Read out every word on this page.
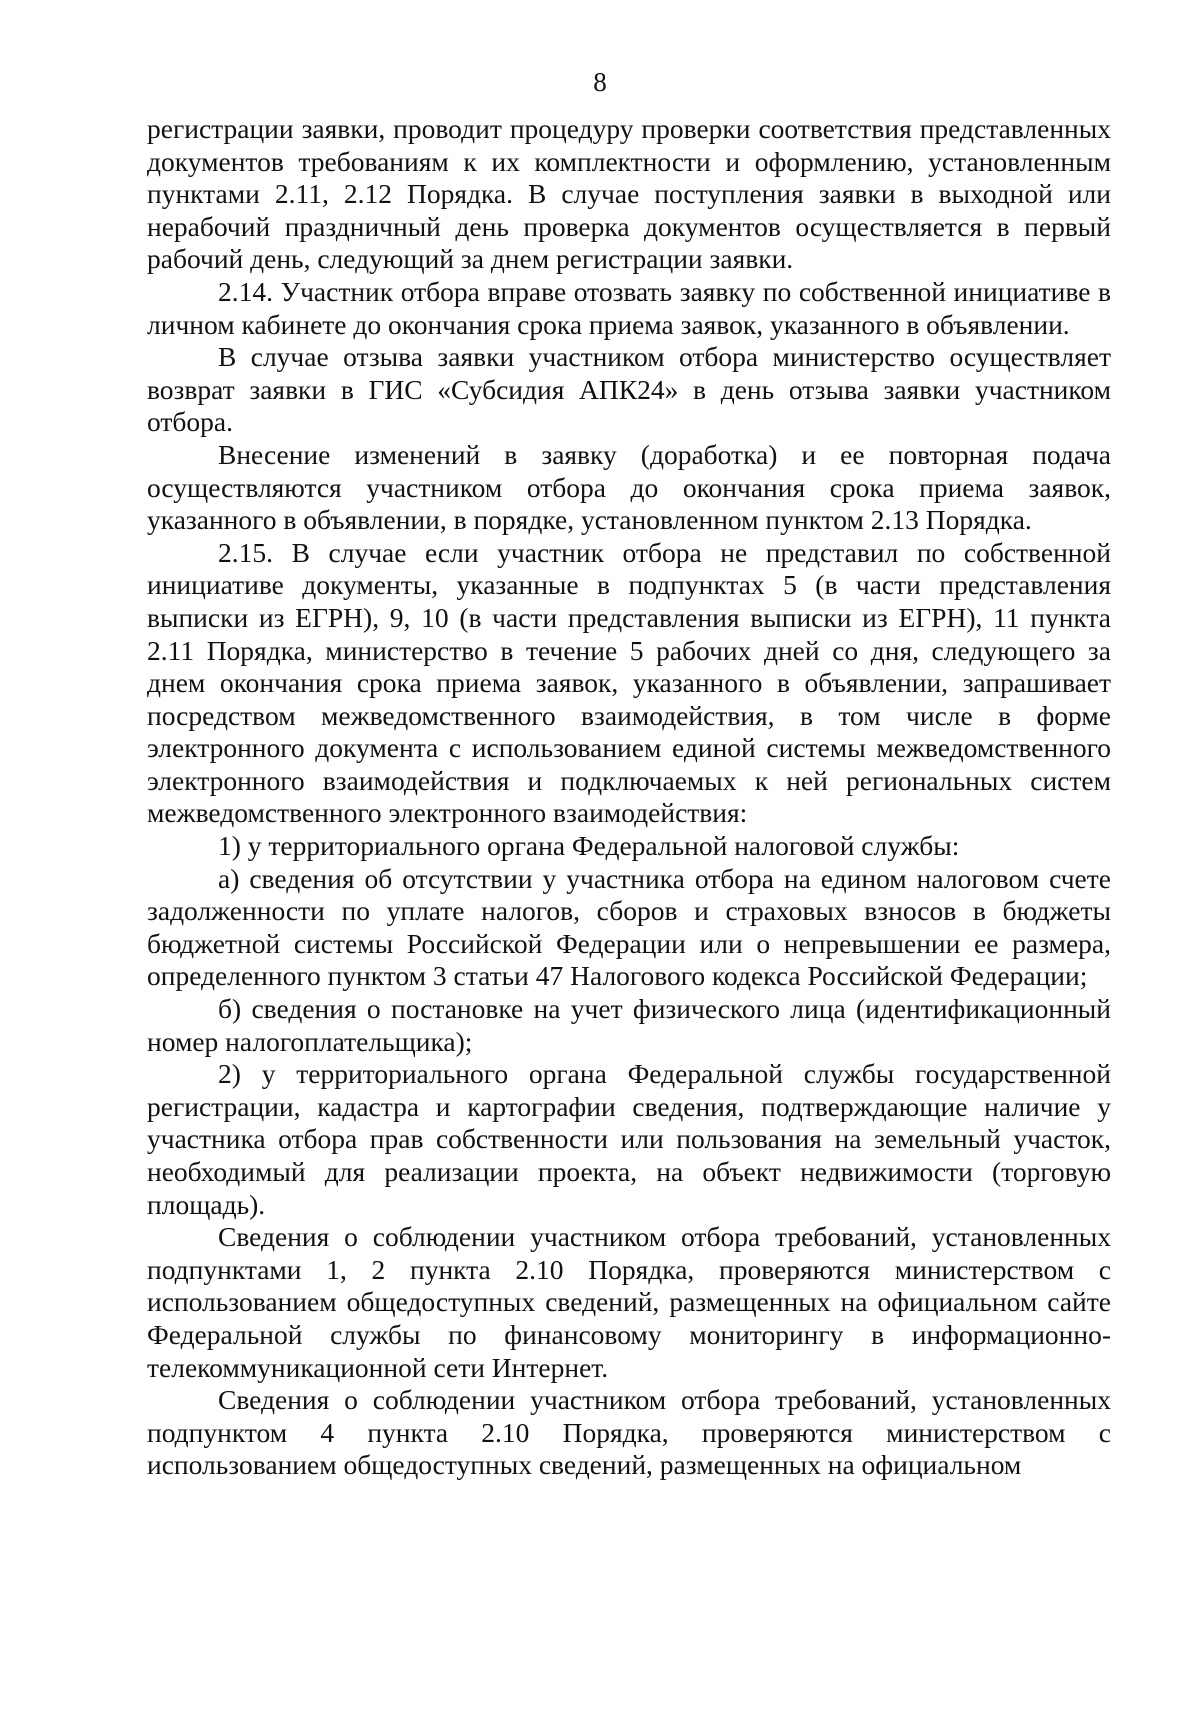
8

регистрации заявки, проводит процедуру проверки соответствия представленных документов требованиям к их комплектности и оформлению, установленным пунктами 2.11, 2.12 Порядка. В случае поступления заявки в выходной или нерабочий праздничный день проверка документов осуществляется в первый рабочий день, следующий за днем регистрации заявки.

2.14. Участник отбора вправе отозвать заявку по собственной инициативе в личном кабинете до окончания срока приема заявок, указанного в объявлении.

В случае отзыва заявки участником отбора министерство осуществляет возврат заявки в ГИС «Субсидия АПК24» в день отзыва заявки участником отбора.

Внесение изменений в заявку (доработка) и ее повторная подача осуществляются участником отбора до окончания срока приема заявок, указанного в объявлении, в порядке, установленном пунктом 2.13 Порядка.

2.15. В случае если участник отбора не представил по собственной инициативе документы, указанные в подпунктах 5 (в части представления выписки из ЕГРН), 9, 10 (в части представления выписки из ЕГРН), 11 пункта 2.11 Порядка, министерство в течение 5 рабочих дней со дня, следующего за днем окончания срока приема заявок, указанного в объявлении, запрашивает посредством межведомственного взаимодействия, в том числе в форме электронного документа с использованием единой системы межведомственного электронного взаимодействия и подключаемых к ней региональных систем межведомственного электронного взаимодействия:

1) у территориального органа Федеральной налоговой службы:

а) сведения об отсутствии у участника отбора на едином налоговом счете задолженности по уплате налогов, сборов и страховых взносов в бюджеты бюджетной системы Российской Федерации или о непревышении ее размера, определенного пунктом 3 статьи 47 Налогового кодекса Российской Федерации;

б) сведения о постановке на учет физического лица (идентификационный номер налогоплательщика);

2) у территориального органа Федеральной службы государственной регистрации, кадастра и картографии сведения, подтверждающие наличие у участника отбора прав собственности или пользования на земельный участок, необходимый для реализации проекта, на объект недвижимости (торговую площадь).

Сведения о соблюдении участником отбора требований, установленных подпунктами 1, 2 пункта 2.10 Порядка, проверяются министерством с использованием общедоступных сведений, размещенных на официальном сайте Федеральной службы по финансовому мониторингу в информационно-телекоммуникационной сети Интернет.

Сведения о соблюдении участником отбора требований, установленных подпунктом 4 пункта 2.10 Порядка, проверяются министерством с использованием общедоступных сведений, размещенных на официальном
